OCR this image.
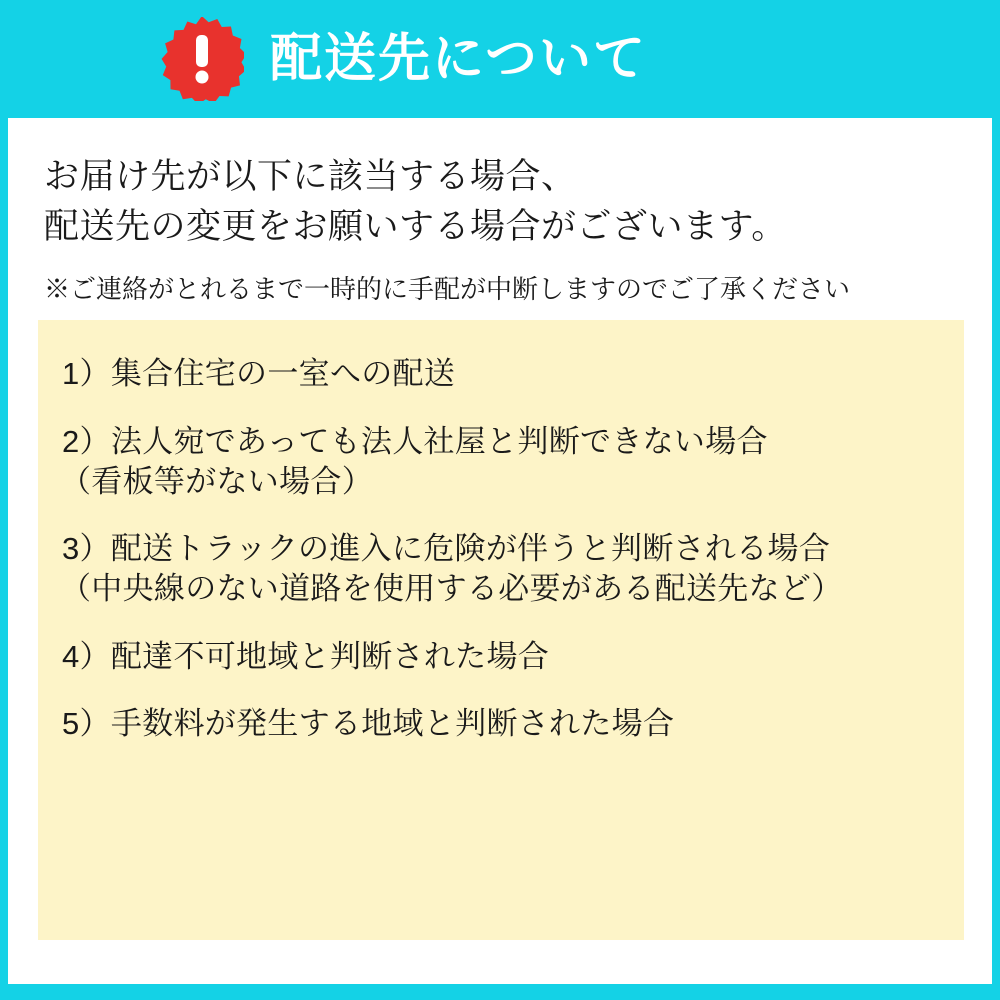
配送先について
お届け先が以下に該当する場合、
配送先の変更をお願いする場合がございます。
※ご連絡がとれるまで一時的に手配が中断しますのでご了承ください
1）集合住宅の一室への配送
2）法人宛であっても法人社屋と判断できない場合
（看板等がない場合）
3）配送トラックの進入に危険が伴うと判断される場合
（中央線のない道路を使用する必要がある配送先など）
4）配達不可地域と判断された場合
5）手数料が発生する地域と判断された場合
